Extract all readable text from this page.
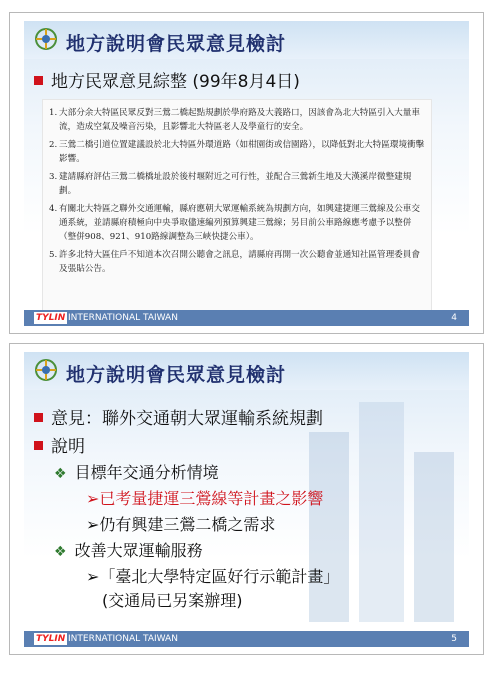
地方說明會民眾意見檢討
地方民眾意見綜整 (99年8月4日)
1. 大部分余大特區民眾反對三鶯二橋起點規劃於學府路及大義路口，因該會為北大特區引入大量車流，造成空氣及噪音污染，且影響北大特區老人及學童行的安全。
2. 三鶯二橋引道位置建議設於北大特區外環道路（如柑園街或信園路），以降低對北大特區環境衝擊影響。
3. 建請縣府評估三鶯二橋橋址設於後村堰附近之可行性，並配合三鶯新生地及大漢溪岸微整建規劃。
4. 有關北大特區之聯外交通運輸，縣府應朝大眾運輸系統為規劃方向，如興建捷運三鶯線及公車交通系統，並請縣府積極向中央爭取儘速編列預算興建三鶯線；另目前公車路線應考慮予以整併（整併908、921、910路線調整為三峽快捷公車）。
5. 許多北特大區住戶不知道本次召開公聽會之訊息，請縣府再開一次公聽會並通知社區管理委員會及張貼公告。
TYLIN INTERNATIONAL TAIWAN	4
地方說明會民眾意見檢討
意見：聯外交通朝大眾運輸系統規劃
說明
❖ 目標年交通分析情境
➢已考量捷運三鶯線等計畫之影響
➢仍有興建三鶯二橋之需求
❖ 改善大眾運輸服務
➢「臺北大學特定區好行示範計畫」
(交通局已另案辦理)
TYLIN INTERNATIONAL TAIWAN	5
